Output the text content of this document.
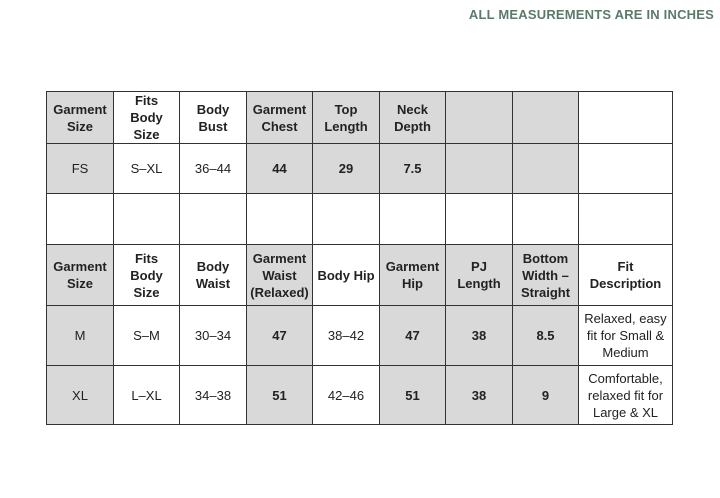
ALL MEASUREMENTS ARE IN INCHES
Garment Size	Fits Body Size	Body Bust	Garment Chest	Top Length	Neck Depth			
FS	S–XL	36–44	44	29	7.5			

Garment Size	Fits Body Size	Body Waist	Garment Waist (Relaxed)	Body Hip	Garment Hip	PJ Length	Bottom Width – Straight	Fit Description
M	S–M	30–34	47	38–42	47	38	8.5	Relaxed, easy fit for Small & Medium
XL	L–XL	34–38	51	42–46	51	38	9	Comfortable, relaxed fit for Large & XL
